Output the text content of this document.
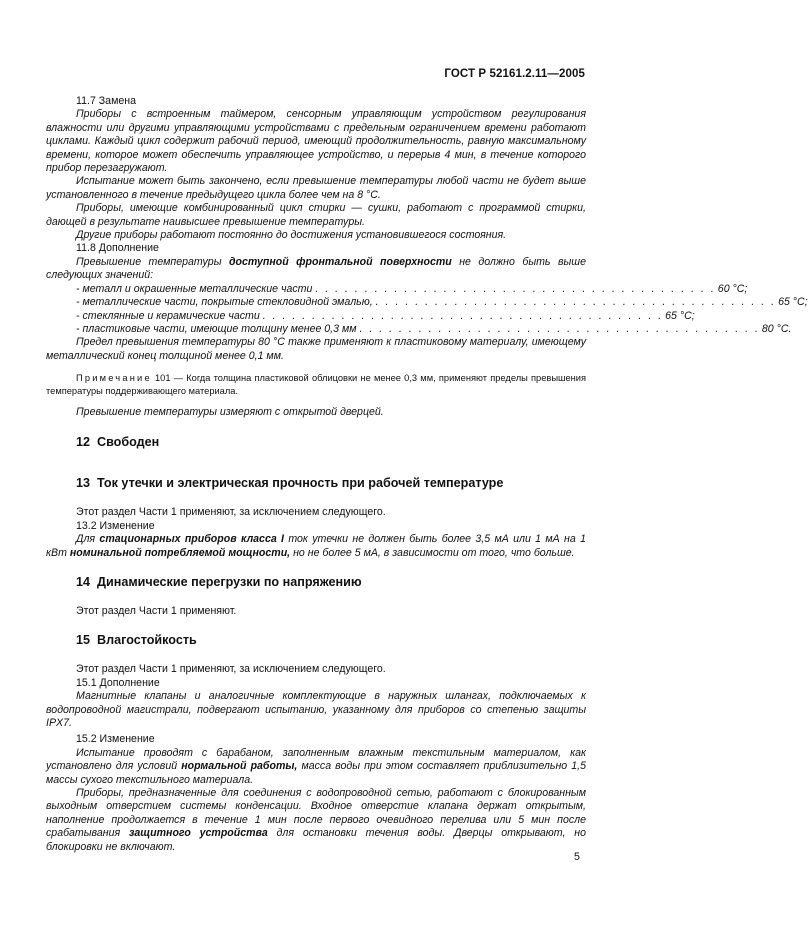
ГОСТ Р 52161.2.11—2005

11.7 Замена

Приборы с встроенным таймером, сенсорным управляющим устройством регулирования влажности или другими управляющими устройствами с предельным ограничением времени работают циклами. Каждый цикл содержит рабочий период, имеющий продолжительность, равную максимальному времени, которое может обеспечить управляющее устройство, и перерыв 4 мин, в течение которого прибор перезагружают.

Испытание может быть закончено, если превышение температуры любой части не будет выше установленного в течение предыдущего цикла более чем на 8 °С.

Приборы, имеющие комбинированный цикл стирки — сушки, работают с программой стирки, дающей в результате наивысшее превышение температуры.

Другие приборы работают постоянно до достижения установившегося состояния.

11.8 Дополнение

Превышение температуры доступной фронтальной поверхности не должно быть выше следующих значений:

- металл и окрашенные металлические части . . . . . . . . . . . . . . . . . . . . . . . . . . . . . . . . . . . . . . . . . 60 °С;
- металлические части, покрытые стекловидной эмалью, . . . . . . . . . . . . . . . . . . . . . . . . . . . . . . . . . . . . . . . . . 65 °С;
- стеклянные и керамические части . . . . . . . . . . . . . . . . . . . . . . . . . . . . . . . . . . . . . . . . . 65 °С;
- пластиковые части, имеющие толщину менее 0,3 мм . . . . . . . . . . . . . . . . . . . . . . . . . . . . . . . . . . . . . . . . . 80 °С.

Предел превышения температуры 80 °С также применяют к пластиковому материалу, имеющему металлический конец толщиной менее 0,1 мм.

Примечание 101 — Когда толщина пластиковой облицовки не менее 0,3 мм, применяют пределы превышения температуры поддерживающего материала.

Превышение температуры измеряют с открытой дверцей.

12 Свободен

13 Ток утечки и электрическая прочность при рабочей температуре

Этот раздел Части 1 применяют, за исключением следующего.

13.2 Изменение

Для стационарных приборов класса I ток утечки не должен быть более 3,5 мА или 1 мА на 1 кВт номинальной потребляемой мощности, но не более 5 мА, в зависимости от того, что больше.

14 Динамические перегрузки по напряжению

Этот раздел Части 1 применяют.

15 Влагостойкость

Этот раздел Части 1 применяют, за исключением следующего.

15.1 Дополнение

Магнитные клапаны и аналогичные комплектующие в наружных шлангах, подключаемых к водопроводной магистрали, подвергают испытанию, указанному для приборов со степенью защиты IPX7.

15.2 Изменение

Испытание проводят с барабаном, заполненным влажным текстильным материалом, как установлено для условий нормальной работы, масса воды при этом составляет приблизительно 1,5 массы сухого текстильного материала.

Приборы, предназначенные для соединения с водопроводной сетью, работают с блокированным выходным отверстием системы конденсации. Входное отверстие клапана держат открытым, наполнение продолжается в течение 1 мин после первого очевидного перелива или 5 мин после срабатывания защитного устройства для остановки течения воды. Дверцы открывают, но блокировки не включают.

5
